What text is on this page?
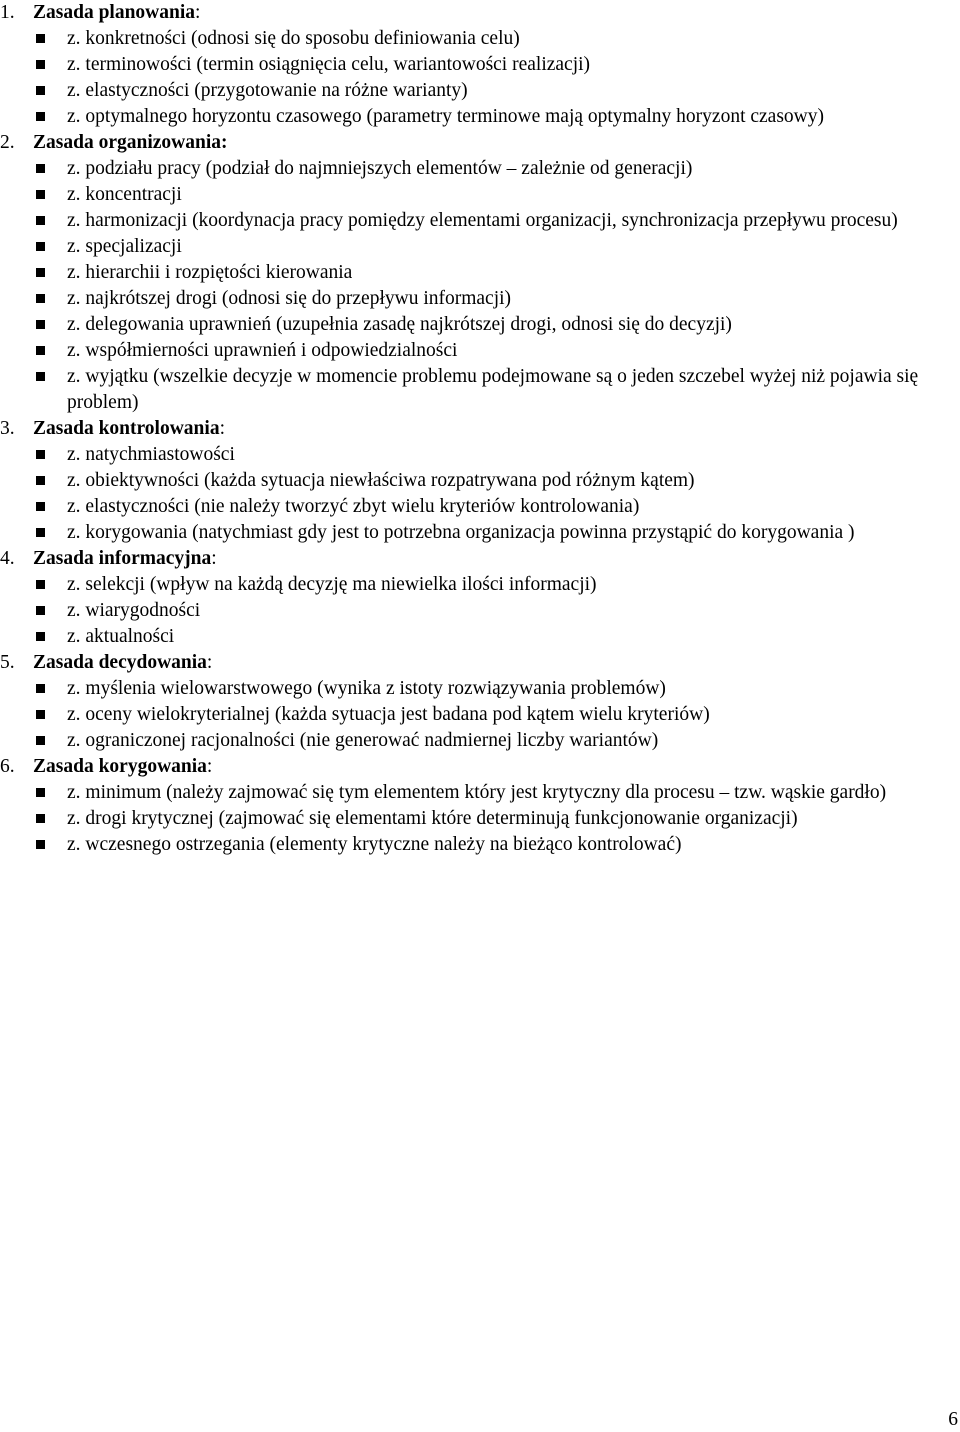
1. Zasada planowania :
z. konkretności (odnosi się do sposobu definiowania celu)
z. terminowości (termin osiągnięcia celu, wariantowości realizacji)
z. elastyczności (przygotowanie na różne warianty)
z. optymalnego horyzontu czasowego (parametry terminowe mają optymalny horyzont czasowy)
2. Zasada organizowania:
z. podziału pracy (podział do najmniejszych elementów – zależnie od generacji)
z. koncentracji
z. harmonizacji (koordynacja pracy pomiędzy elementami organizacji, synchronizacja przepływu procesu)
z. specjalizacji
z. hierarchii i rozpiętości kierowania
z. najkrótszej drogi (odnosi się do przepływu informacji)
z. delegowania uprawnień (uzupełnia zasadę najkrótszej drogi, odnosi się do decyzji)
z. współmierności uprawnień i odpowiedzialności
z. wyjątku (wszelkie decyzje w momencie problemu podejmowane są o jeden szczebel wyżej niż pojawia się problem)
3. Zasada kontrolowania :
z. natychmiastowości
z. obiektywności (każda sytuacja niewłaściwa rozpatrywana pod różnym kątem)
z. elastyczności (nie należy tworzyć zbyt wielu kryteriów kontrolowania)
z. korygowania (natychmiast gdy jest to potrzebna organizacja powinna przystąpić do korygowania )
4. Zasada informacyjna :
z. selekcji (wpływ na każdą decyzję ma niewielka ilości informacji)
z. wiarygodności
z. aktualności
5. Zasada decydowania :
z. myślenia wielowarstwowego (wynika z istoty rozwiązywania problemów)
z. oceny wielokryterialnej (każda sytuacja jest badana pod kątem wielu kryteriów)
z. ograniczonej racjonalności (nie generować nadmiernej liczby wariantów)
6. Zasada korygowania :
z. minimum (należy zajmować się tym elementem który jest krytyczny dla procesu – tzw. wąskie gardło)
z. drogi krytycznej (zajmować się elementami które determinują funkcjonowanie organizacji)
z. wczesnego ostrzegania (elementy krytyczne należy na bieżąco kontrolować)
6
